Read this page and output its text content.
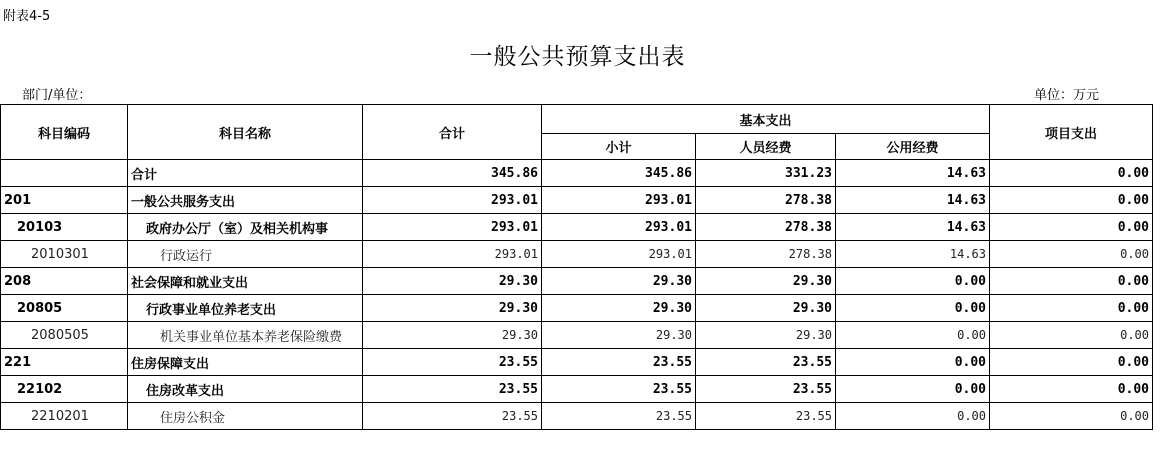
附表4-5
一般公共预算支出表
部门/单位：	单位：万元
科目编码	科目名称	合计	基本支出			项目支出
			小计	人员经费	公用经费	
	合计	345.86	345.86	331.23	14.63	0.00
201	一般公共服务支出	293.01	293.01	278.38	14.63	0.00
20103	政府办公厅（室）及相关机构事	293.01	293.01	278.38	14.63	0.00
2010301	行政运行	293.01	293.01	278.38	14.63	0.00
208	社会保障和就业支出	29.30	29.30	29.30	0.00	0.00
20805	行政事业单位养老支出	29.30	29.30	29.30	0.00	0.00
2080505	机关事业单位基本养老保险缴费	29.30	29.30	29.30	0.00	0.00
221	住房保障支出	23.55	23.55	23.55	0.00	0.00
22102	住房改革支出	23.55	23.55	23.55	0.00	0.00
2210201	住房公积金	23.55	23.55	23.55	0.00	0.00
